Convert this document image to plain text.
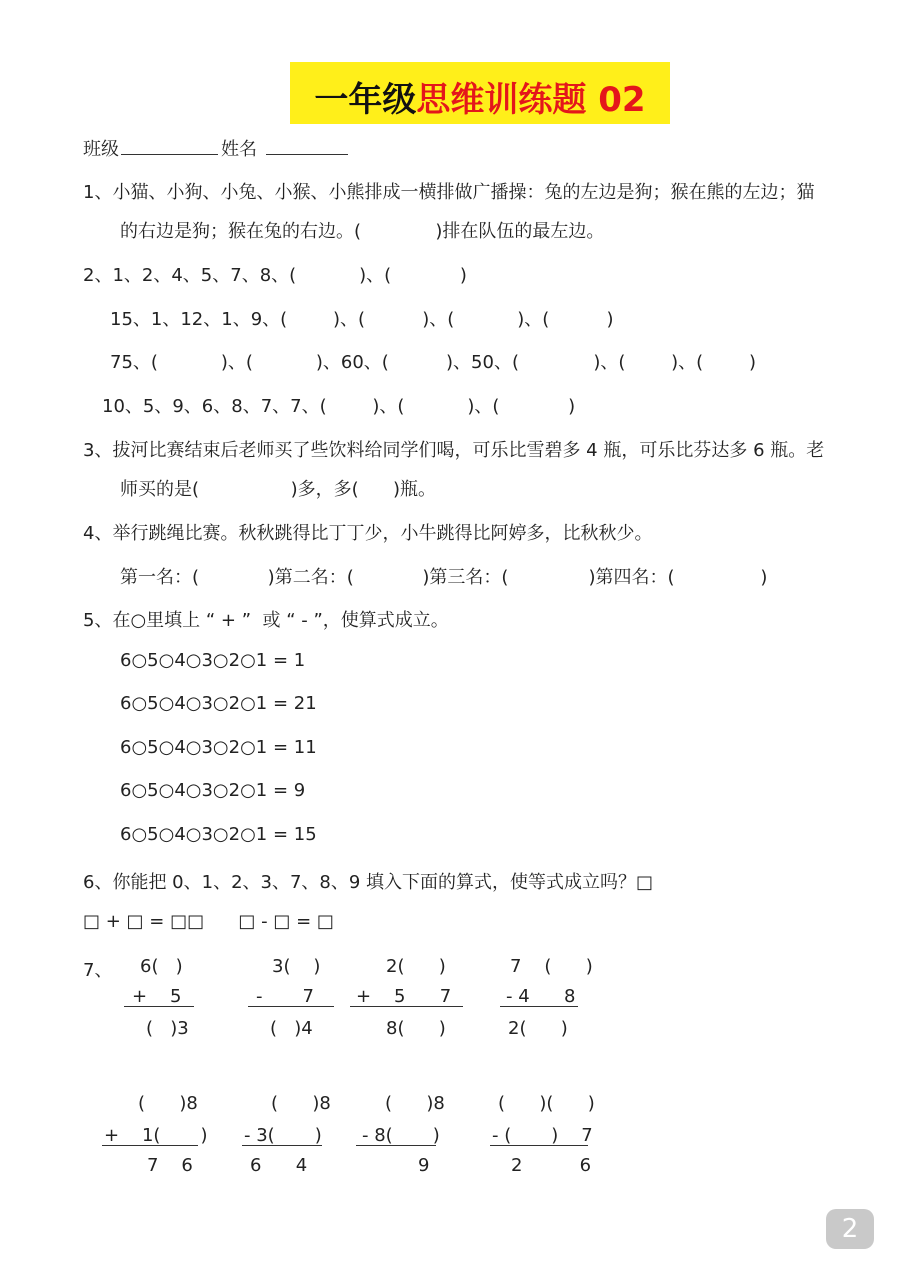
一年级思维训练题 02
班级	姓名
1、小猫、小狗、小兔、小猴、小熊排成一横排做广播操：兔的左边是狗；猴在熊的左边；猫
的右边是狗；猴在兔的右边。(             )排在队伍的最左边。
2、1、2、4、5、7、8、(           )、(            )
15、1、12、1、9、(        )、(          )、(           )、(          )
75、(           )、(           )、60、(          )、50、(             )、(        )、(        )
10、5、9、6、8、7、7、(        )、(           )、(            )
3、拔河比赛结束后老师买了些饮料给同学们喝，可乐比雪碧多 4 瓶，可乐比芬达多 6 瓶。老
师买的是(                )多，多(      )瓶。
4、举行跳绳比赛。秋秋跳得比丁丁少，小牛跳得比阿婷多，比秋秋少。
第一名：(            )第二名：(            )第三名：(              )第四名：(               )
5、在○里填上 “ + ”  或 “ - ”，使算式成立。
6○5○4○3○2○1 = 1
6○5○4○3○2○1 = 21
6○5○4○3○2○1 = 11
6○5○4○3○2○1 = 9
6○5○4○3○2○1 = 15
6、你能把 0、1、2、3、7、8、9 填入下面的算式，使等式成立吗？□
□ + □ = □□      □ - □ = □
7、 6(   )
+    5
(   )3
3(    )
-       7
(   )4
2(      )
+    5      7
8(      )
7    (      )
- 4      8
2(      )
(      )8
+    1(       )
7    6
(      )8
- 3(       )
6      4
(      )8
- 8(       )
9
(      )(      )
- (       )    7
2          6
2
